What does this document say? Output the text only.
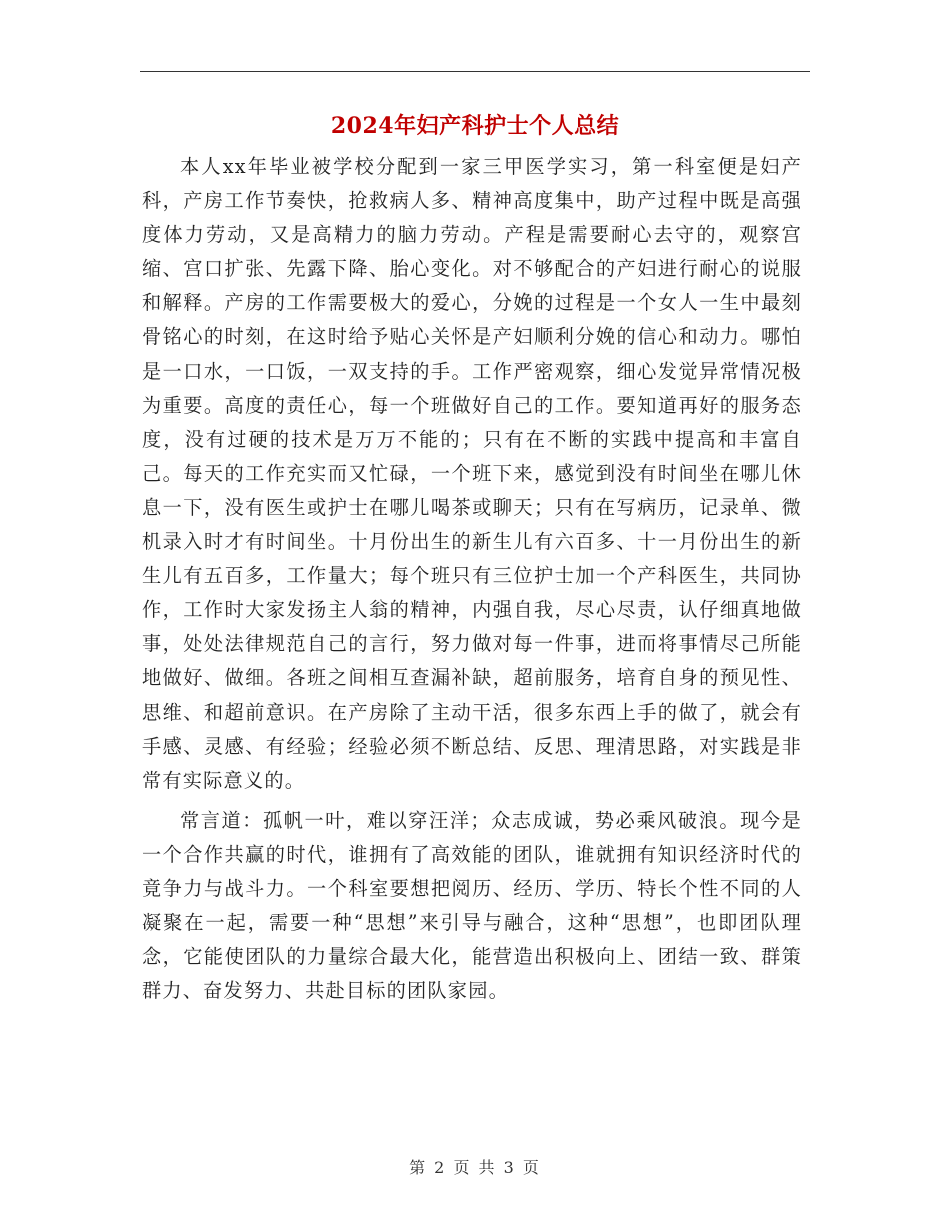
2024年妇产科护士个人总结

本人xx年毕业被学校分配到一家三甲医学实习，第一科室便是妇产科，产房工作节奏快，抢救病人多、精神高度集中，助产过程中既是高强度体力劳动，又是高精力的脑力劳动。产程是需要耐心去守的，观察宫缩、宫口扩张、先露下降、胎心变化。对不够配合的产妇进行耐心的说服和解释。产房的工作需要极大的爱心，分娩的过程是一个女人一生中最刻骨铭心的时刻，在这时给予贴心关怀是产妇顺利分娩的信心和动力。哪怕是一口水，一口饭，一双支持的手。工作严密观察，细心发觉异常情况极为重要。高度的责任心，每一个班做好自己的工作。要知道再好的服务态度，没有过硬的技术是万万不能的；只有在不断的实践中提高和丰富自己。每天的工作充实而又忙碌，一个班下来，感觉到没有时间坐在哪儿休息一下，没有医生或护士在哪儿喝茶或聊天；只有在写病历，记录单、微机录入时才有时间坐。十月份出生的新生儿有六百多、十一月份出生的新生儿有五百多，工作量大；每个班只有三位护士加一个产科医生，共同协作，工作时大家发扬主人翁的精神，内强自我，尽心尽责，认仔细真地做事，处处法律规范自己的言行，努力做对每一件事，进而将事情尽己所能地做好、做细。各班之间相互查漏补缺，超前服务，培育自身的预见性、思维、和超前意识。在产房除了主动干活，很多东西上手的做了，就会有手感、灵感、有经验；经验必须不断总结、反思、理清思路，对实践是非常有实际意义的。

常言道：孤帆一叶，难以穿汪洋；众志成诚，势必乘风破浪。现今是一个合作共赢的时代，谁拥有了高效能的团队，谁就拥有知识经济时代的竟争力与战斗力。一个科室要想把阅历、经历、学历、特长个性不同的人凝聚在一起，需要一种“思想”来引导与融合，这种“思想”，也即团队理念，它能使团队的力量综合最大化，能营造出积极向上、团结一致、群策群力、奋发努力、共赴目标的团队家园。

第 2 页 共 3 页
